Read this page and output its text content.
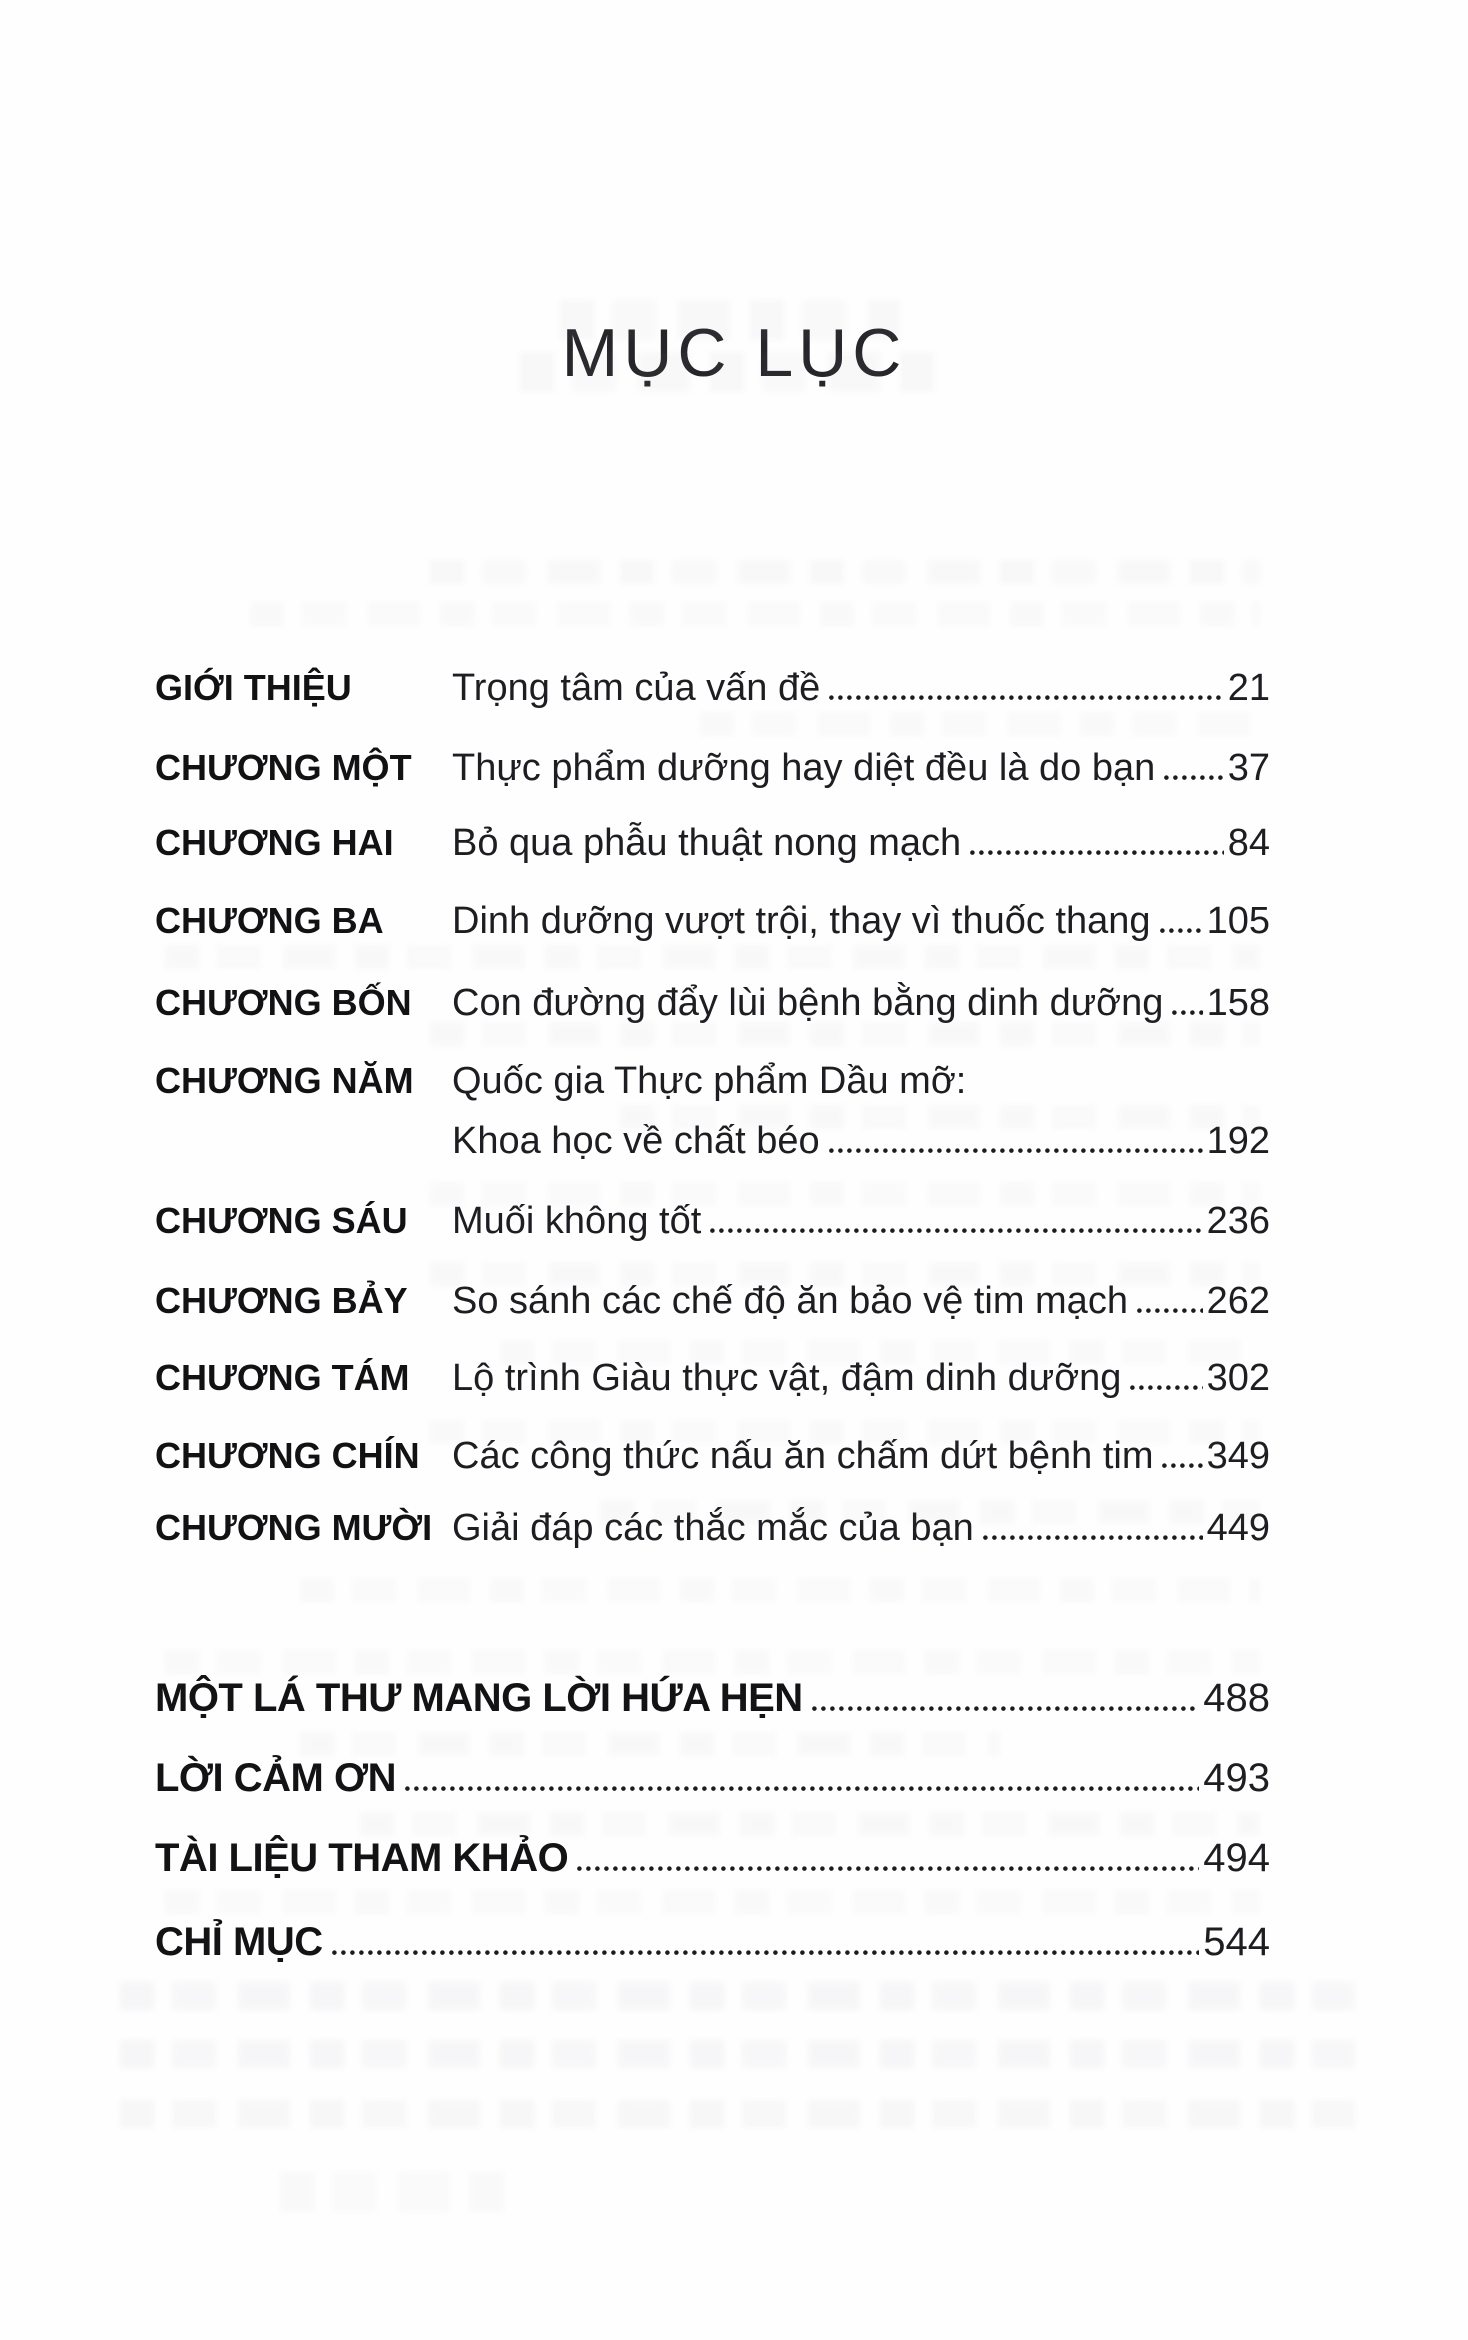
MỤC LỤC
GIỚI THIỆU	Trọng tâm của vấn đề	21
CHƯƠNG MỘT	Thực phẩm dưỡng hay diệt đều là do bạn 37
CHƯƠNG HAI	Bỏ qua phẫu thuật nong mạch	84
CHƯƠNG BA	Dinh dưỡng vượt trội, thay vì thuốc thang 105
CHƯƠNG BỐN	Con đường đẩy lùi bệnh bằng dinh dưỡng 158
CHƯƠNG NĂM	Quốc gia Thực phẩm Dầu mỡ:
Khoa học về chất béo	192
CHƯƠNG SÁU	Muối không tốt	236
CHƯƠNG BẢY	So sánh các chế độ ăn bảo vệ tim mạch 262
CHƯƠNG TÁM	Lộ trình Giàu thực vật, đậm dinh dưỡng 302
CHƯƠNG CHÍN Các công thức nấu ăn chấm dứt bệnh tim 349
CHƯƠNG MƯỜI Giải đáp các thắc mắc của bạn	449
MỘT LÁ THƯ MANG LỜI HỨA HẸN	488
LỜI CẢM ƠN	493
TÀI LIỆU THAM KHẢO	494
CHỈ MỤC	544
